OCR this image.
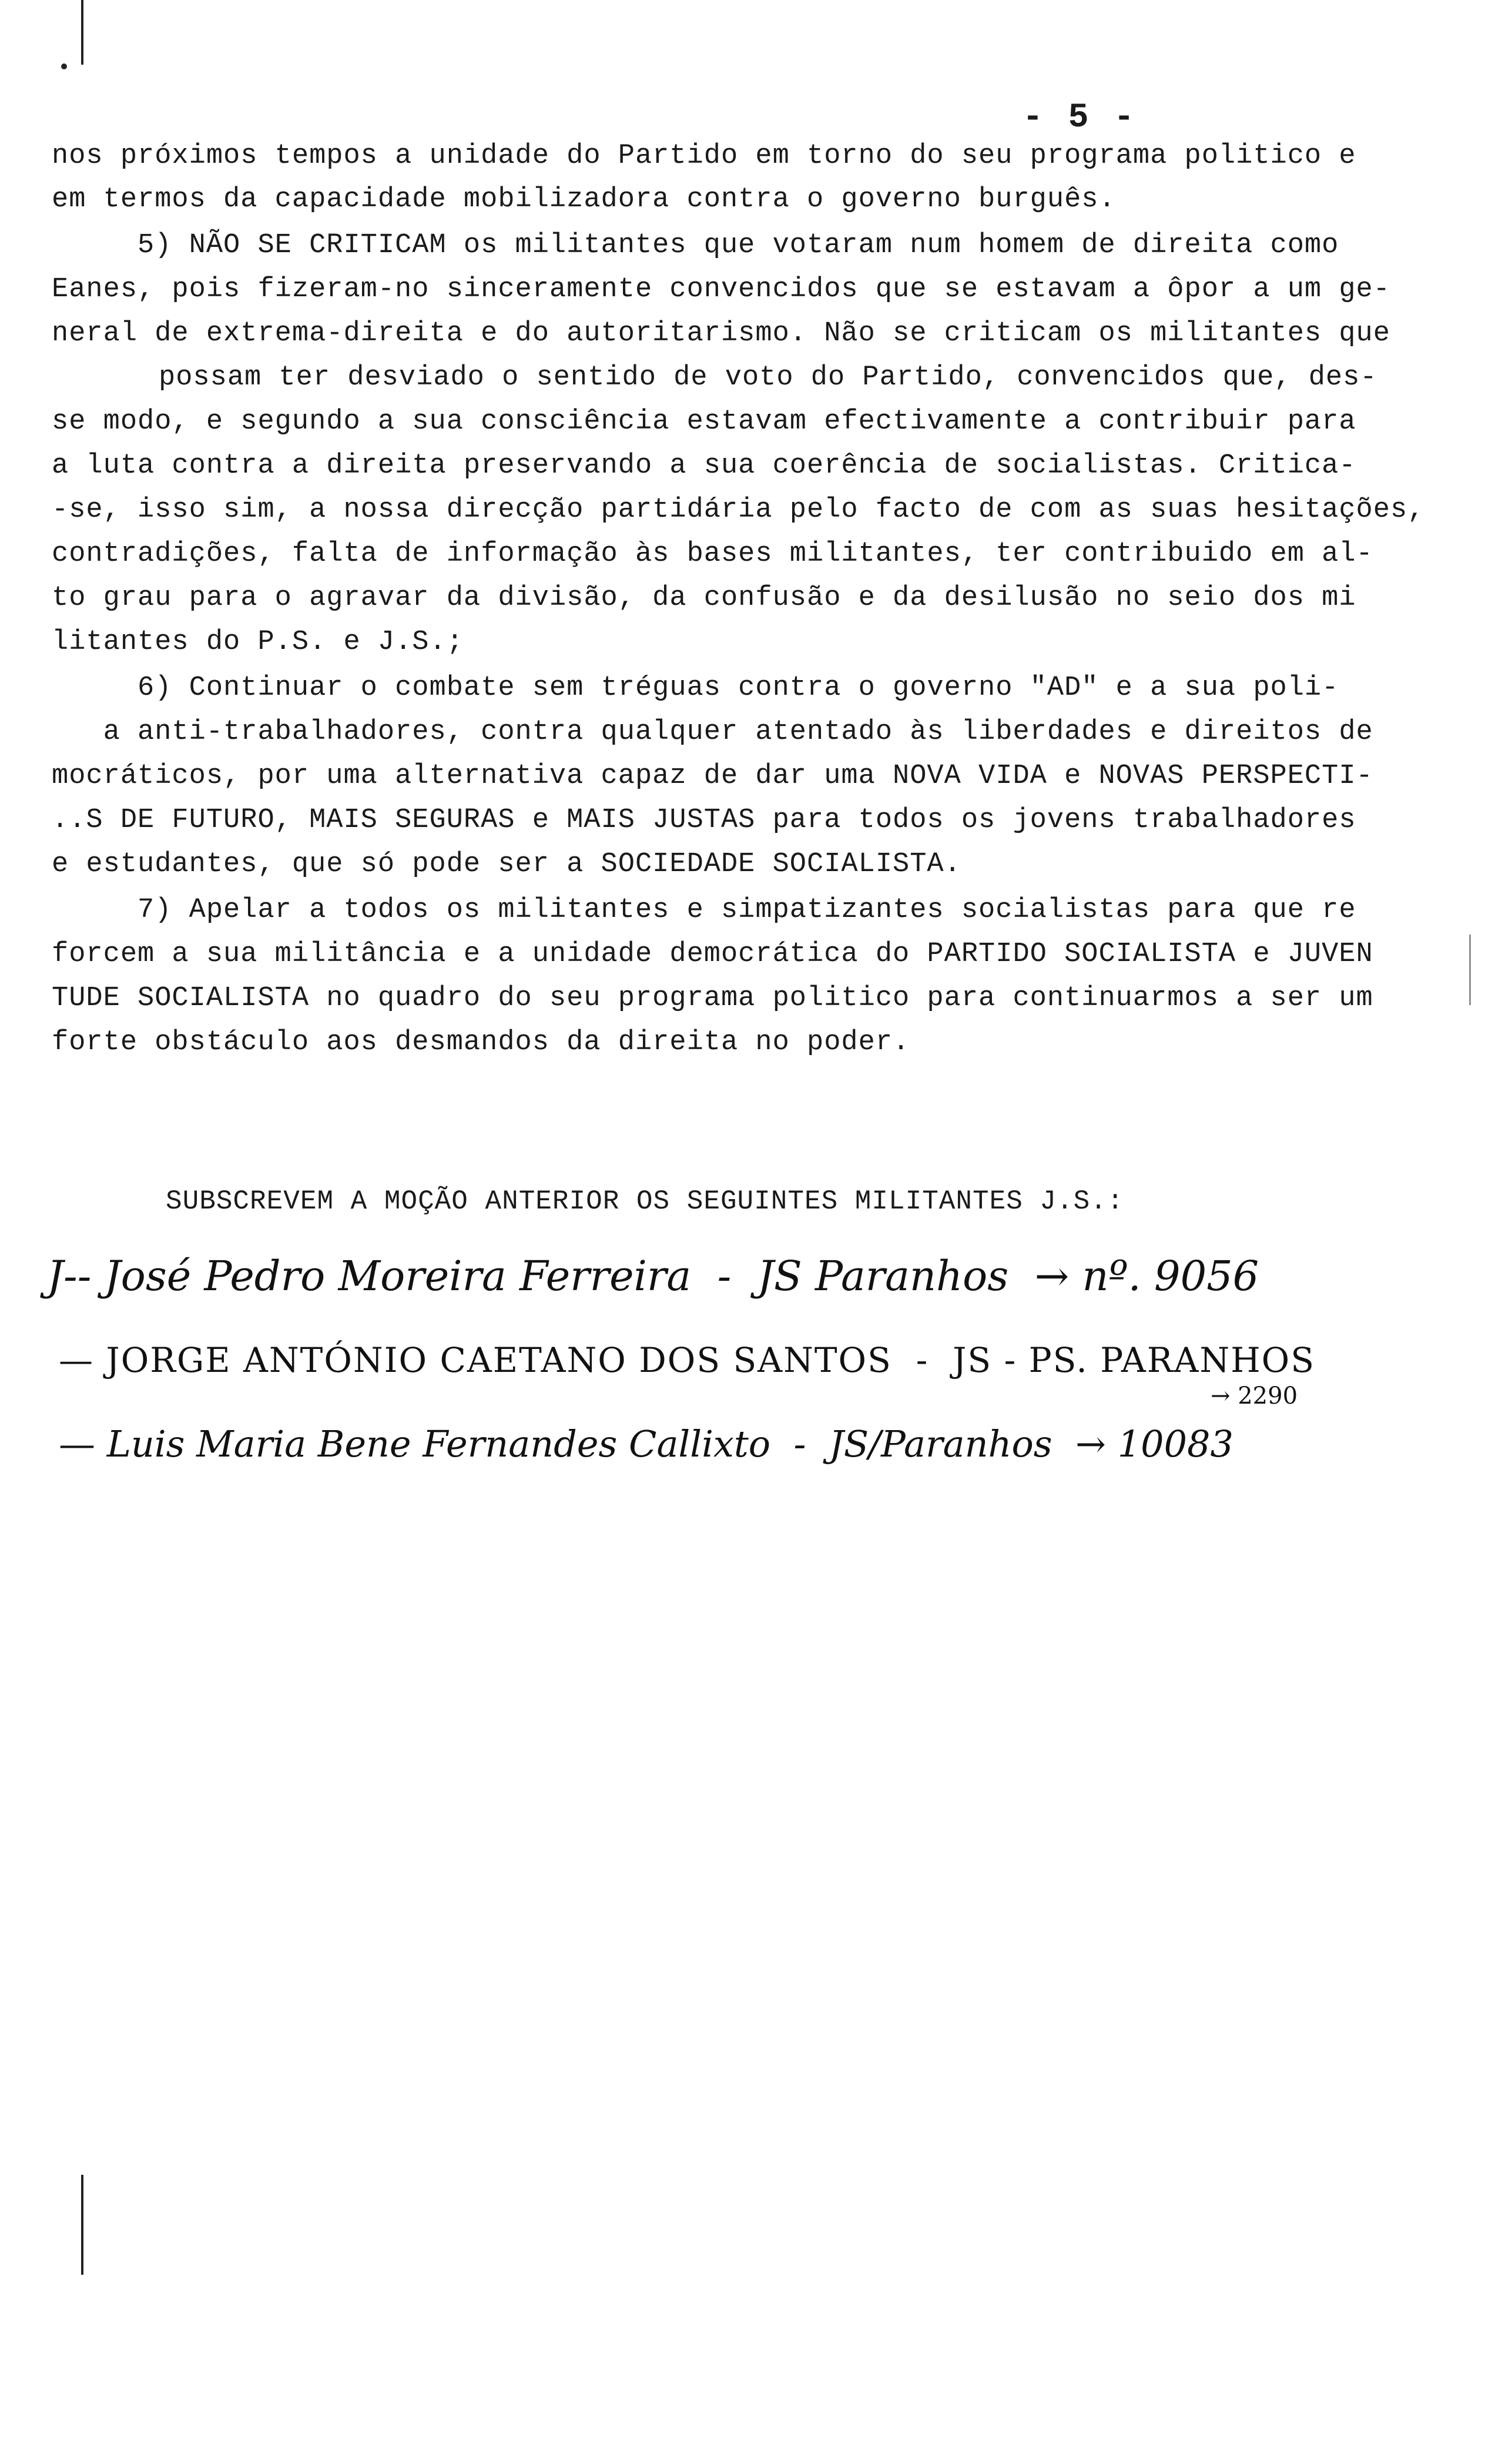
- 5 -
nos próximos tempos a unidade do Partido em torno do seu programa politico e
em termos da capacidade mobilizadora contra o governo burguês.
5) NÃO SE CRITICAM os militantes que votaram num homem de direita como
Eanes, pois fizeram-no sinceramente convencidos que se estavam a ôpor a um ge-
neral de extrema-direita e do autoritarismo. Não se criticam os militantes que
possam ter desviado o sentido de voto do Partido, convencidos que, des-
se modo, e segundo a sua consciência estavam efectivamente a contribuir para
a luta contra a direita preservando a sua coerência de socialistas. Critica-
-se, isso sim, a nossa direcção partidária pelo facto de com as suas hesitações,
contradições, falta de informação às bases militantes, ter contribuido em al-
to grau para o agravar da divisão, da confusão e da desilusão no seio dos mi
litantes do P.S. e J.S.;
6) Continuar o combate sem tréguas contra o governo "AD" e a sua poli-
a anti-trabalhadores, contra qualquer atentado às liberdades e direitos de
mocráticos, por uma alternativa capaz de dar uma NOVA VIDA e NOVAS PERSPECTI-
..S DE FUTURO, MAIS SEGURAS e MAIS JUSTAS para todos os jovens trabalhadores
e estudantes, que só pode ser a SOCIEDADE SOCIALISTA.
7) Apelar a todos os militantes e simpatizantes socialistas para que re
forcem a sua militância e a unidade democrática do PARTIDO SOCIALISTA e JUVEN
TUDE SOCIALISTA no quadro do seu programa politico para continuarmos a ser um
forte obstáculo aos desmandos da direita no poder.
SUBSCREVEM A MOÇÃO ANTERIOR OS SEGUINTES MILITANTES J.S.:
J-- José Pedro Moreira Ferreira  -  JS Paranhos  → nº. 9056
— JORGE ANTÓNIO CAETANO DOS SANTOS  -  JS - PS. PARANHOS
→ 2290
— Luis Maria Bene Fernandes Callixto  -  JS/Paranhos  → 10083
